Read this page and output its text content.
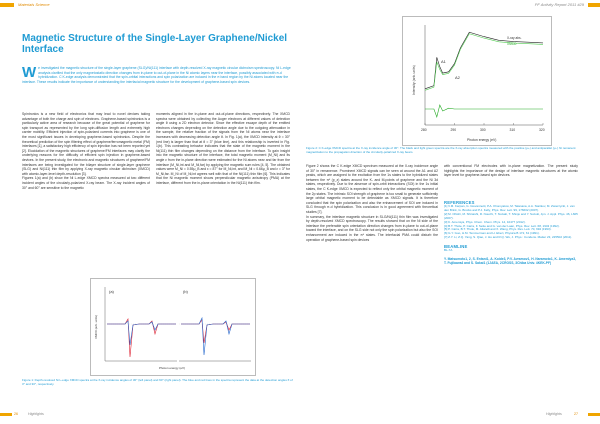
Materials Science	PF Activity Report 2011 #29
Magnetic Structure of the Single-Layer Graphene/Nickel Interface
We investigated the magnetic structure of the single-layer graphene (SLG)/Ni(111) interface with depth-resolved X-ray magnetic circular dichroism spectroscopy. Ni L-edge analysis clarified that the only magnetostatic direction changes from in-plane to out-of-plane in the Ni atomic layers near the interface, possibly associated with π-d hybridization. C K-edge analysis demonstrated that the spin-orbital interactions and spin polarization are induced in the π band region by the Ni atoms located near the interface. These results indicate the importance of understanding the interfacial magnetic structure for the development of graphene-based spin devices.
Spintronics is a new field of electronics that may lead to novel devices taking advantage of both the charge and spin of electrons. Graphene-based spintronics is a particularly active area of research because of the great potential of graphene for spin transport as represented by the long spin-diffusion length and extremely high carrier mobility. Efficient injection of spin-polarized currents into graphene is one of the most significant issues in developing graphene-based spintronics. Despite the theoretical prediction of the spin filtering effect of graphene/ferromagnetic metal (FM) interfaces [1], a satisfactory high efficiency of spin injection has not been reported yet [2]. Elucidation of the magnetic structures of graphene/FM interfaces may clarify the underlying reasons for the difficulty of efficient spin injection in graphene-based devices. In the present study, the electronic and magnetic structures of graphene/FM interfaces are being investigated for the bilayer structure of single-layer graphene (SLG) and Ni(111) thin film by applying X-ray magnetic circular dichroism (XMCD) with atomic-layer-level depth-resolution [3].
Figures 1(a) and (b) show the Ni L-edge XMCD spectra measured at two different incident angles of the circularly-polarized X-ray beam. The X-ray incident angles of 30° and 60° are sensitive to the magnetic
moments aligned in the in-plane and out-of-plane directions, respectively. The XMCD spectra were obtained by collecting the Auger electrons at different values of detection angle θ using a 2D electron detector. Since the effective escape depth of the emitted electrons changes depending on the detection angle due to the outgoing attenuation in the sample, the relative fraction of the signals from the Ni atoms near the interface increases with decreasing detection angle θ. In Fig. 1(a), the XMCD intensity at θ = 30° (red line) is larger than that at θ = 3° (blue line), and this relationship is inverted in Fig. 1(b). This contrasting behavior indicates that the state of the magnetic moment in the Ni(111) thin film changes depending on the distance from the interface. To gain insight into the magnetic structure of the interface, the total magnetic moment (M_Ni) and its angle ε from the in-plane direction were estimated for the Ni atoms near and far from the interface (M_Ni,int and M_Ni,far) by applying the magnetic sum rules [4, 5]. The obtained values were M_Ni = 0.55μ_B and ε = 87° for M_Ni,int, and M_Ni = 0.66μ_B and ε = 3° for M_Ni,far. M_Ni of M_Ni,int agrees well with that of the Ni(111) thin film [6]. This indicates that the Ni magnetic moment shows perpendicular magnetic anisotropy (PMA) at the interface, different from the in-plane orientation in the Ni(111) thin film.
(a)	(b)
XMCD (arb. units)
Photon energy (eV)
Figure 1: Depth-resolved Ni L-edge XMCD spectra at the X-ray incidence angles of 30° (left panel) and 60° (right panel). The blue and red lines in the spectra represent the data at the detection angles θ of 3° and 30°, respectively.
280	290	300	310	320
A1
A2
X-ray abs.
XMCD
Intensity (arb. units)
Photon energy (eV)
Figure 2: C K-edge XMCD spectra at the X-ray incidence angle of 30°. The black and light green spectra are the X-ray absorption spectra measured with the positive (μ+) and antiparallel (μ−) Ni remanent magnetization to the propagation direction of the circularly-polarized X-ray beam.
Figure 2 shows the C K-edge XMCD spectrum measured at the X-ray incidence angle of 30° in remanence. Prominent XMCD signals can be seen at around the A1 and A2 peaks, which are assigned to the excitation from the 1s states to the hybridized states between the π* (p_z) states around the K- and M-points of graphene and the Ni 3d states, respectively. Due to the absence of spin-orbit interactions (SOI) in the 1s initial states, the C K-edge XMCD is expected to reflect only the orbital magnetic moment of the 2p states. The intrinsic SOI strength of graphene is too small to generate sufficiently large orbital magnetic moment to be detectable as XMCD signals. It is therefore concluded that the spin polarization and also the enhancement of SOI are induced in SLG through π-d hybridization. This conclusion is in good agreement with theoretical studies [7].
In summary, the interface magnetic structure in SLG/Ni(111) thin film was investigated by depth-resolved XMCD spectroscopy. The results showed that on the Ni side of the interface the preferable spin orientation direction changes from in-plane to out-of-plane toward the interface, and on the SLG side not only the spin polarization but also the SOI enhancement are induced in the π* states. The interfacial PMA could disturb the operation of graphene-based spin devices
with conventional FM electrodes with in-plane magnetization. The present study highlights the importance of the design of interface magnetic structures at the atomic layer level for graphene-based spin devices.
REFERENCES
[1] V.M. Karpan, G. Giovannetti, P.A. Khomyakov, M. Talanana, A.A. Starikov, M. Zwierzycki, J. van den Brink, G. Brocks and P.J. Kelly, Phys. Rev. Lett. 99, 176602 (2007).
[2] M. Ohishi, M. Shiraishi, R. Nouchi, T. Nozaki, T. Shinjo and Y. Suzuki, Jpn. J. Appl. Phys. 46, L605 (2007).
[3] K. Amemiya, Phys. Chem. Chem. Phys. 14, 10477 (2012).
[4] B.T. Thole, P. Carra, F. Sette and G. van der Laan, Phys. Rev. Lett. 68, 1943 (1992).
[5] P. Carra, B.T. Thole, M. Altarelli and X. Wang, Phys. Rev. Lett. 70, 694 (1993).
[6] G.Y. Guo, H.M. Temmerman and H. Ebert, Physica B 172, 61 (1991).
[7] Z.Y. Li, Z.Q. Yang, S. Qiao, J. Hu and R.Q. Wu, J. Phys.: Condens. Matter 23, 225502 (2011).
BEAMLINE
BL-7A
Y. Matsumoto1, 2, S. Entani1, A. Koide3, P.V. Avramov1, H. Naramoto1, K. Amemiya3, T. Fujikawa4 and S. Sakai1 (1JAEA, 2CROSS, 3Chiba Univ. 4KEK-PF)
26	Highlights	Highlights	27
